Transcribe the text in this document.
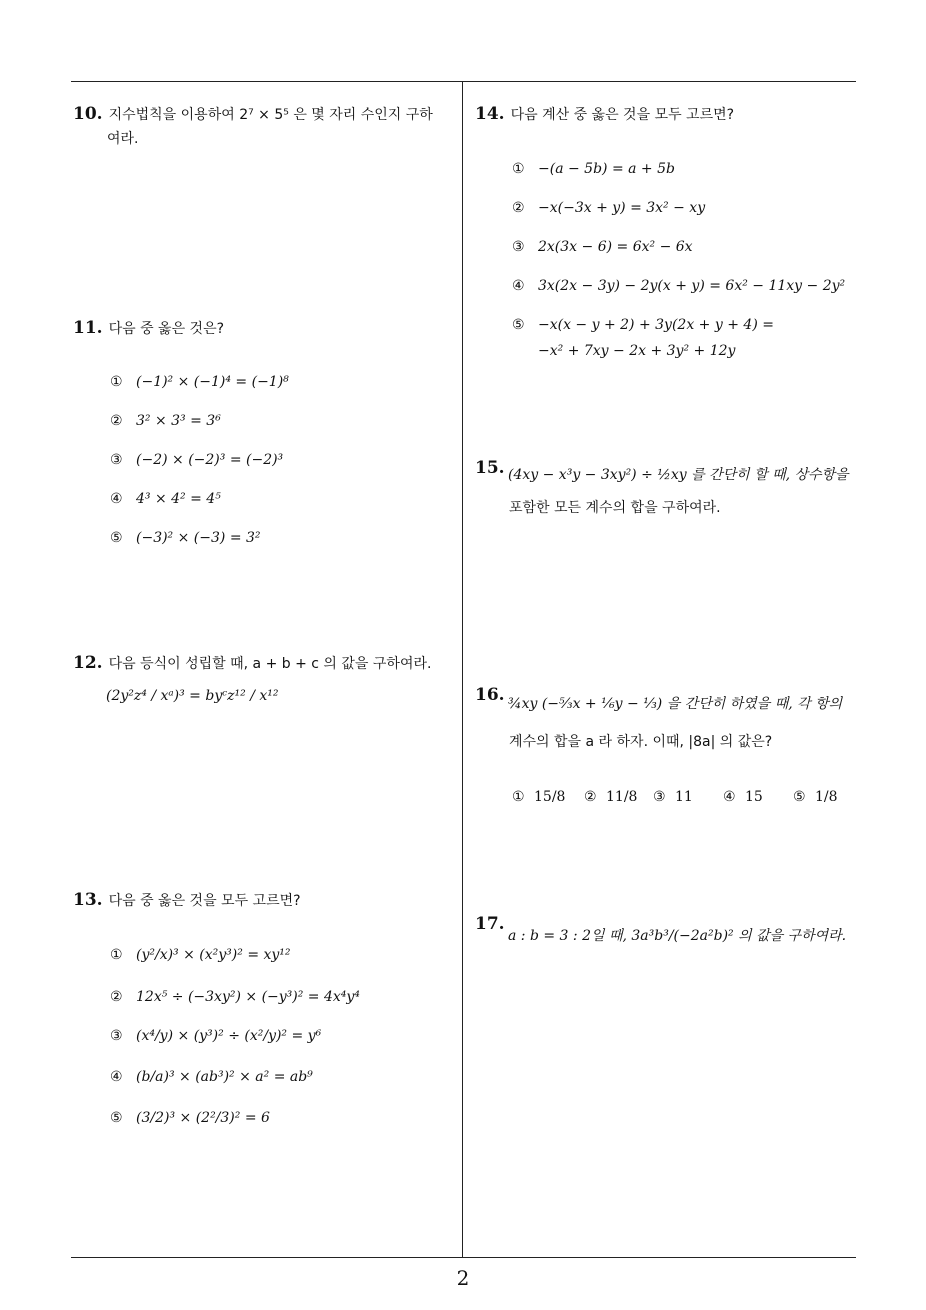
10. 지수법칙을 이용하여 2⁷ × 5⁵ 은 몇 자리 수인지 구하
여라.
11. 다음 중 옳은 것은?
① (−1)² × (−1)⁴ = (−1)⁸
② 3² × 3³ = 3⁶
③ (−2) × (−2)³ = (−2)³
④ 4³ × 4² = 4⁵
⑤ (−3)² × (−3) = 3²
12. 다음 등식이 성립할 때, a + b + c 의 값을 구하여라.
(2y²z⁴ / xᵃ)³ = byᶜz¹² / x¹²
13. 다음 중 옳은 것을 모두 고르면?
① (y²/x)³ × (x²y³)² = xy¹²
② 12x⁵ ÷ (−3xy²) × (−y³)² = 4x⁴y⁴
③ (x⁴/y) × (y³)² ÷ (x²/y)² = y⁶
④ (b/a)³ × (ab³)² × a² = ab⁹
⑤ (3/2)³ × (2²/3)² = 6
14. 다음 계산 중 옳은 것을 모두 고르면?
① −(a − 5b) = a + 5b
② −x(−3x + y) = 3x² − xy
③ 2x(3x − 6) = 6x² − 6x
④ 3x(2x − 3y) − 2y(x + y) = 6x² − 11xy − 2y²
⑤ −x(x − y + 2) + 3y(2x + y + 4) =
−x² + 7xy − 2x + 3y² + 12y
15. (4xy − x³y − 3xy²) ÷ ½xy 를 간단히 할 때, 상수항을
포함한 모든 계수의 합을 구하여라.
16. ¾xy (−⁵⁄₃x + ⅙y − ⅓) 을 간단히 하였을 때, 각 항의
계수의 합을 a 라 하자. 이때, |8a| 의 값은?
① 15/8 ② 11/8 ③ 11 ④ 15 ⑤ 1/8
17.
a : b = 3 : 2일 때, 3a³b³/(−2a²b)² 의 값을 구하여라.
2
